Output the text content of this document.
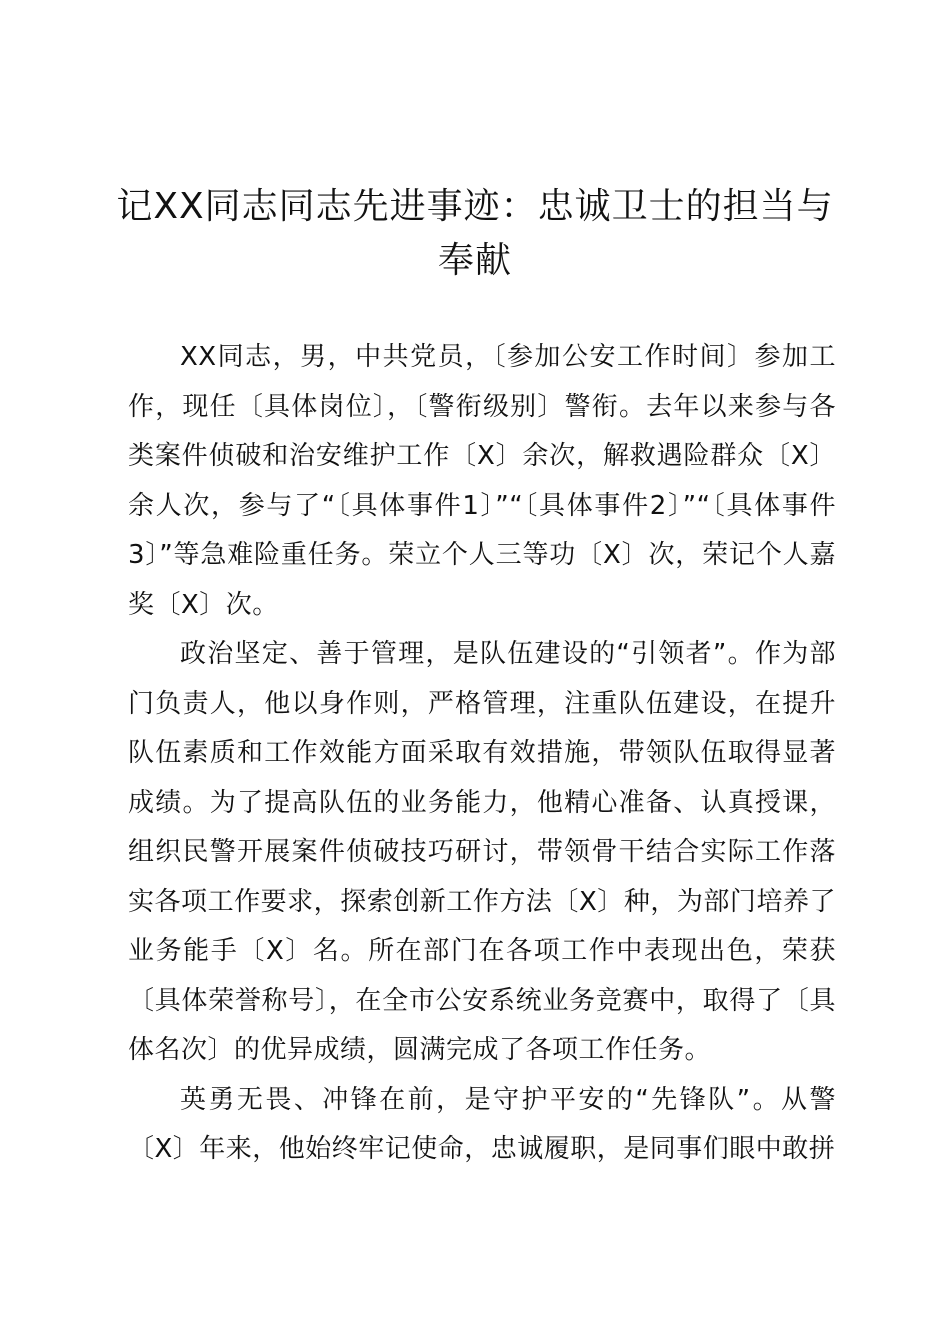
记XX同志同志先进事迹：忠诚卫士的担当与奉献

XX同志，男，中共党员，〔参加公安工作时间〕参加工作，现任〔具体岗位〕，〔警衔级别〕警衔。去年以来参与各类案件侦破和治安维护工作〔X〕余次，解救遇险群众〔X〕余人次，参与了“〔具体事件1〕”“〔具体事件2〕”“〔具体事件3〕”等急难险重任务。荣立个人三等功〔X〕次，荣记个人嘉奖〔X〕次。

政治坚定、善于管理，是队伍建设的“引领者”。作为部门负责人，他以身作则，严格管理，注重队伍建设，在提升队伍素质和工作效能方面采取有效措施，带领队伍取得显著成绩。为了提高队伍的业务能力，他精心准备、认真授课，组织民警开展案件侦破技巧研讨，带领骨干结合实际工作落实各项工作要求，探索创新工作方法〔X〕种，为部门培养了业务能手〔X〕名。所在部门在各项工作中表现出色，荣获〔具体荣誉称号〕，在全市公安系统业务竞赛中，取得了〔具体名次〕的优异成绩，圆满完成了各项工作任务。

英勇无畏、冲锋在前，是守护平安的“先锋队”。从警〔X〕年来，他始终牢记使命，忠诚履职，是同事们眼中敢拼
